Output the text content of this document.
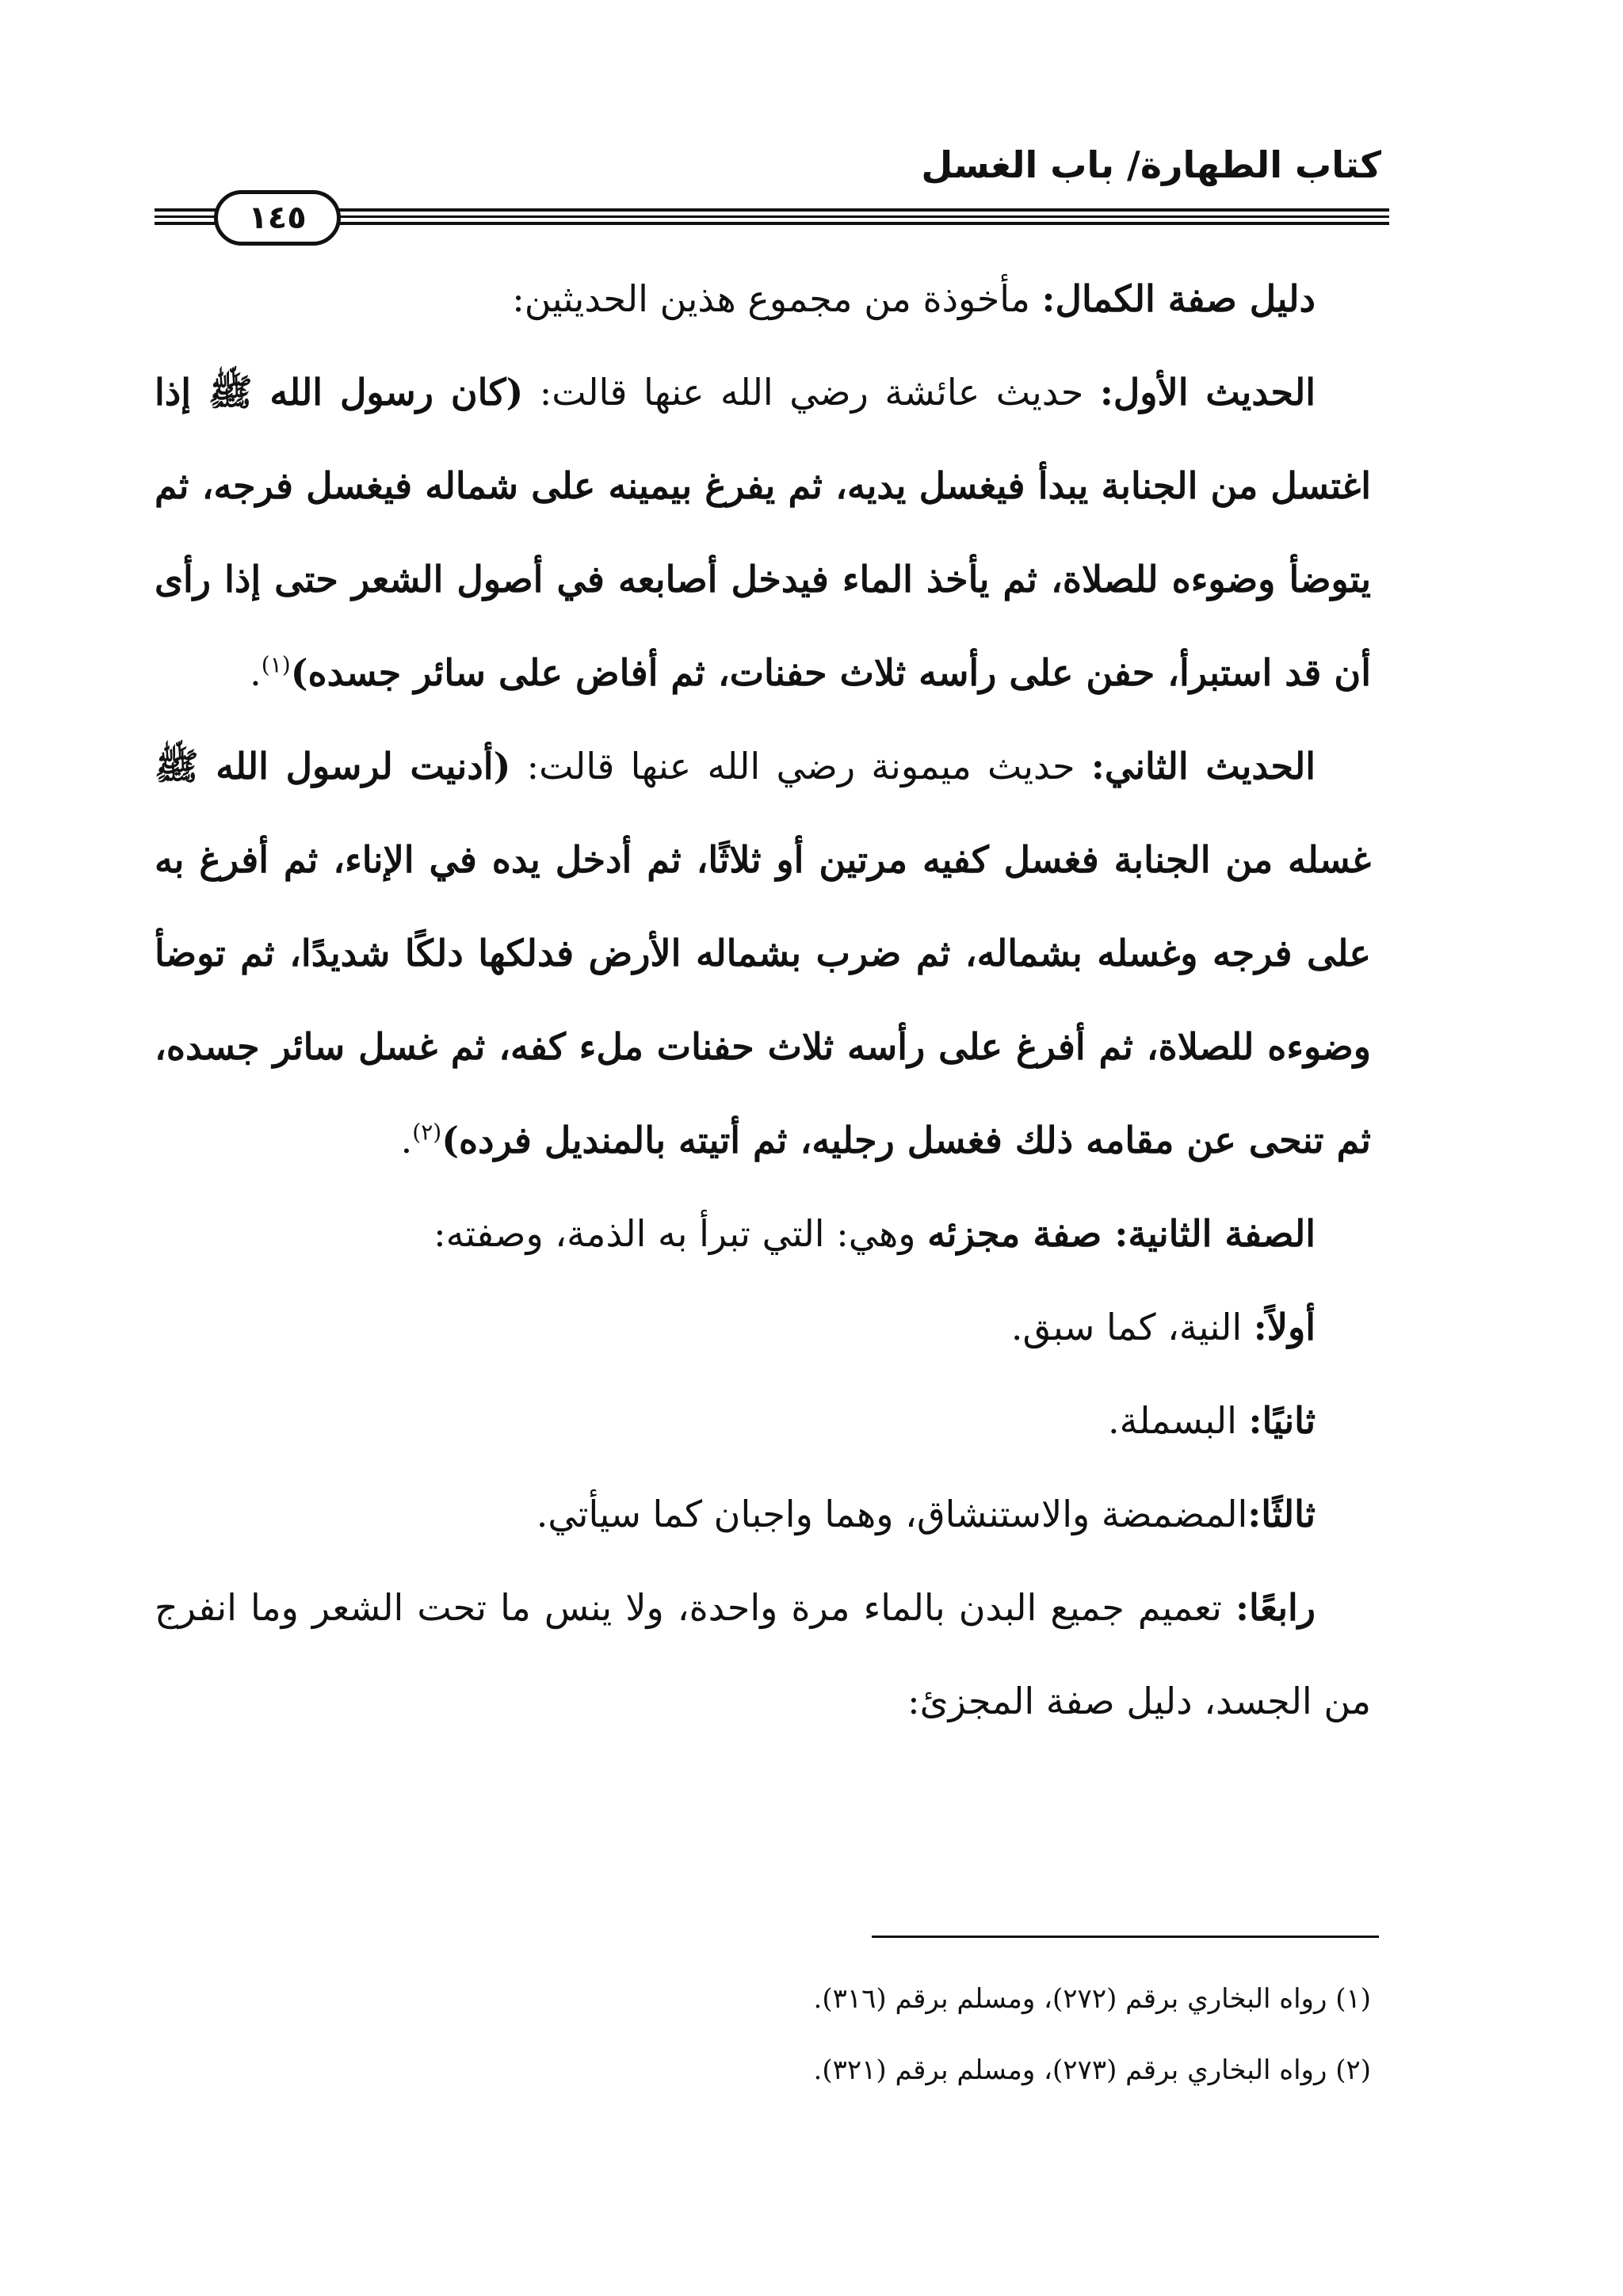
كتاب الطهارة/ باب الغسل
١٤٥

دليل صفة الكمال: مأخوذة من مجموع هذين الحديثين:

الحديث الأول: حديث عائشة رضي الله عنها قالت: (كان رسول الله ﷺ إذا اغتسل من الجنابة يبدأ فيغسل يديه، ثم يفرغ بيمينه على شماله فيغسل فرجه، ثم يتوضأ وضوءه للصلاة، ثم يأخذ الماء فيدخل أصابعه في أصول الشعر حتى إذا رأى أن قد استبرأ، حفن على رأسه ثلاث حفنات، ثم أفاض على سائر جسده)$^{(١)}$.

الحديث الثاني: حديث ميمونة رضي الله عنها قالت: (أدنيت لرسول الله ﷺ غسله من الجنابة فغسل كفيه مرتين أو ثلاثًا، ثم أدخل يده في الإناء، ثم أفرغ به على فرجه وغسله بشماله، ثم ضرب بشماله الأرض فدلكها دلكًا شديدًا، ثم توضأ وضوءه للصلاة، ثم أفرغ على رأسه ثلاث حفنات ملء كفه، ثم غسل سائر جسده، ثم تنحى عن مقامه ذلك فغسل رجليه، ثم أتيته بالمنديل فرده)$^{(٢)}$.

الصفة الثانية: صفة مجزئه وهي: التي تبرأ به الذمة، وصفته:

أولاً: النية، كما سبق.

ثانيًا: البسملة.

ثالثًا:المضمضة والاستنشاق، وهما واجبان كما سيأتي.

رابعًا: تعميم جميع البدن بالماء مرة واحدة، ولا ينس ما تحت الشعر وما انفرج من الجسد، دليل صفة المجزئ:

(١) رواه البخاري برقم (٢٧٢)، ومسلم برقم (٣١٦).

(٢) رواه البخاري برقم (٢٧٣)، ومسلم برقم (٣٢١).
